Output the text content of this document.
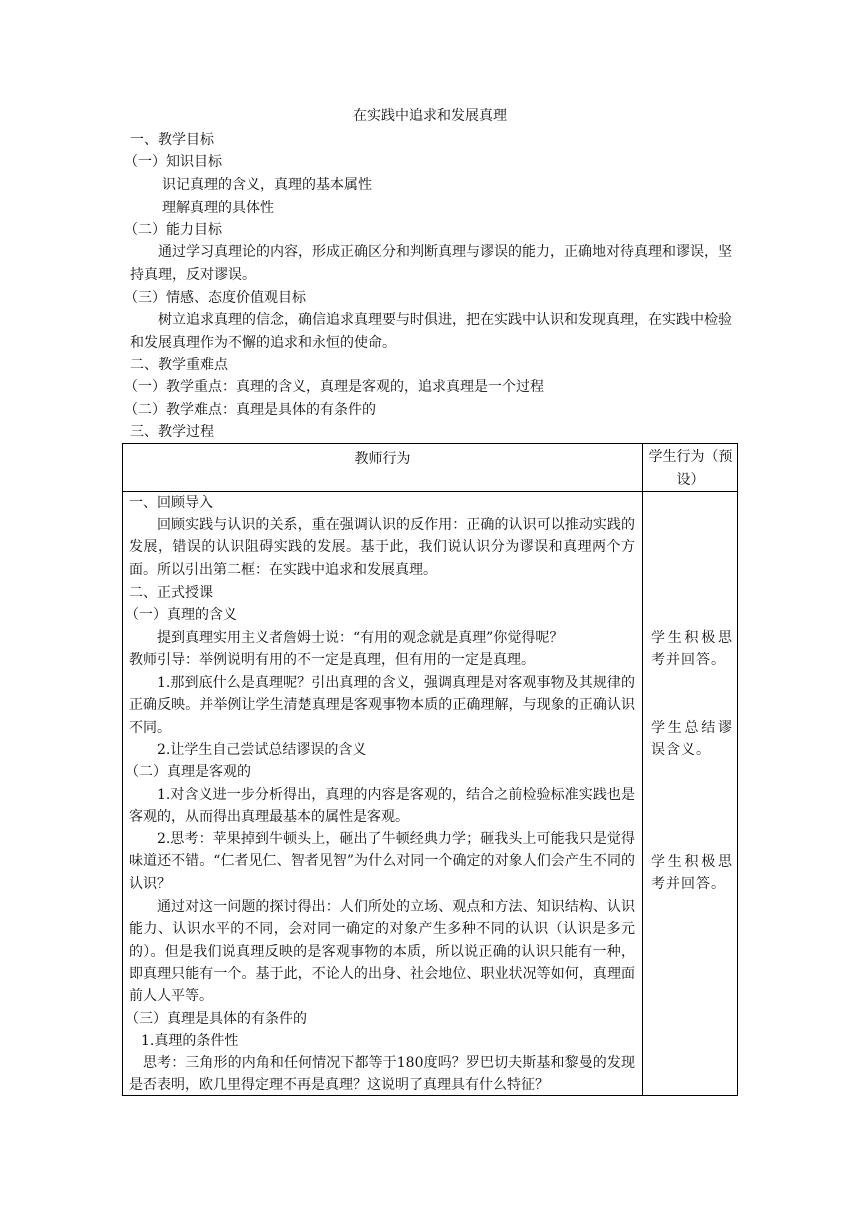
在实践中追求和发展真理
一、教学目标
（一）知识目标
识记真理的含义，真理的基本属性
理解真理的具体性
（二）能力目标
通过学习真理论的内容，形成正确区分和判断真理与谬误的能力，正确地对待真理和谬误，坚持真理，反对谬误。
（三）情感、态度价值观目标
树立追求真理的信念，确信追求真理要与时俱进，把在实践中认识和发现真理，在实践中检验和发展真理作为不懈的追求和永恒的使命。
二、教学重难点
（一）教学重点：真理的含义，真理是客观的，追求真理是一个过程
（二）教学难点：真理是具体的有条件的
三、教学过程
教师行为	学生行为（预设）
一、回顾导入
回顾实践与认识的关系，重在强调认识的反作用：正确的认识可以推动实践的发展，错误的认识阻碍实践的发展。基于此，我们说认识分为谬误和真理两个方面。所以引出第二框：在实践中追求和发展真理。
二、正式授课
（一）真理的含义
提到真理实用主义者詹姆士说：“有用的观念就是真理”你觉得呢？
教师引导：举例说明有用的不一定是真理，但有用的一定是真理。
1.那到底什么是真理呢？引出真理的含义，强调真理是对客观事物及其规律的正确反映。并举例让学生清楚真理是客观事物本质的正确理解，与现象的正确认识不同。
2.让学生自己尝试总结谬误的含义
（二）真理是客观的
1.对含义进一步分析得出，真理的内容是客观的，结合之前检验标准实践也是客观的，从而得出真理最基本的属性是客观。
2.思考：苹果掉到牛顿头上，砸出了牛顿经典力学；砸我头上可能我只是觉得味道还不错。“仁者见仁、智者见智”为什么对同一个确定的对象人们会产生不同的认识？
通过对这一问题的探讨得出：人们所处的立场、观点和方法、知识结构、认识能力、认识水平的不同，会对同一确定的对象产生多种不同的认识（认识是多元的）。但是我们说真理反映的是客观事物的本质，所以说正确的认识只能有一种，即真理只能有一个。基于此，不论人的出身、社会地位、职业状况等如何，真理面前人人平等。
（三）真理是具体的有条件的
1.真理的条件性
思考：三角形的内角和任何情况下都等于180度吗？罗巴切夫斯基和黎曼的发现是否表明，欧几里得定理不再是真理？这说明了真理具有什么特征？
学生积极思考并回答。
学生总结谬误含义。
学生积极思考并回答。
